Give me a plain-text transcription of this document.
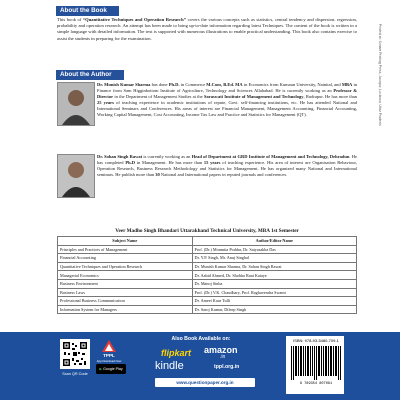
About the Book
This book of “Quantitative Techniques and Operation Research” covers the various concepts such as statistics, central tendency and dispersion, regression, probability and operation research. An attempt has been made to bring up-to-date information regarding latest Techniques. The content of the book is written in a simple language with detailed information. The text is supported with numerous illustrations to enable practical understanding. This book also contains exercise to assist the students in preparing for the examination.
About the Author
Dr. Munish Kumar Sharma has done Ph.D. in Commerce M.Com, B.Ed. MA in Economics from Kumaun University, Nainital, and MBA in Finance from Sam Higginbottom Institute of Agriculture, Technology and Sciences Allahabad. He is currently working as an Professor & Director in the Department of Management Studies at the Saraswati Institute of Management and Technology, Rudrapur. He has more than 25 years of teaching experience in academic institutions of repute, Govt. self-financing institutions, etc. He has attended National and International Seminars and Conferences. His areas of interest are Financial Management, Management Accounting, Financial Accounting, Working Capital Management, Cost Accounting, Income Tax Law and Practice and Statistics for Management (QT).
Dr. Sohan Singh Rawat is currently working as an Head of Department at GRD Institute of Management and Technology, Dehradun. He has completed Ph.D in Management. He has more than 15 years of teaching experience. His area of interest are Organisation Behaviour, Operation Research, Business Research Methodology and Statistics for Management. He has organized many National and International seminars. He publish more than 30 National and International papers in reputed journals and conferences.
Printed at: Sonam Printing Press, Jaunpur, Lucknow, Uttar Pradesh
Veer Madho Singh Bhandari Uttarakhand Technical University, MBA 1st Semester
Subject Name	Author/Editor Name
Principles and Practices of Management	Prof. (Dr.) Monmita Poddar, Dr. Satyasakha Das
Financial Accounting	Dr. Y.P. Singh, Mr. Anuj Singhal
Quantitative Techniques and Operation Research	Dr. Munish Kumar Sharma, Dr. Sohan Singh Rawat
Managerial Economics	Dr. Aabid Ahmed, Dr. Shobha Rani Kataye
Business Environment	Dr. Manoj Sinha
Business Laws	Prof. (Dr.) V.K. Chaudhary, Prof. Raghavendra Swami
Professional Business Communication	Dr. Ameet Kaur Tulli
Information System for Managers	Dr. Saroj Kumar, Dileep Singh
Scan QR Code
TPPL
App Download Now
▶ Google Play
Also Book Available on:
flipkart amazon
.in
kindle	tppl.org.in
www.questionpaper.org.in
ISBN: 978-93-5480-709-1
9 789354 807091
